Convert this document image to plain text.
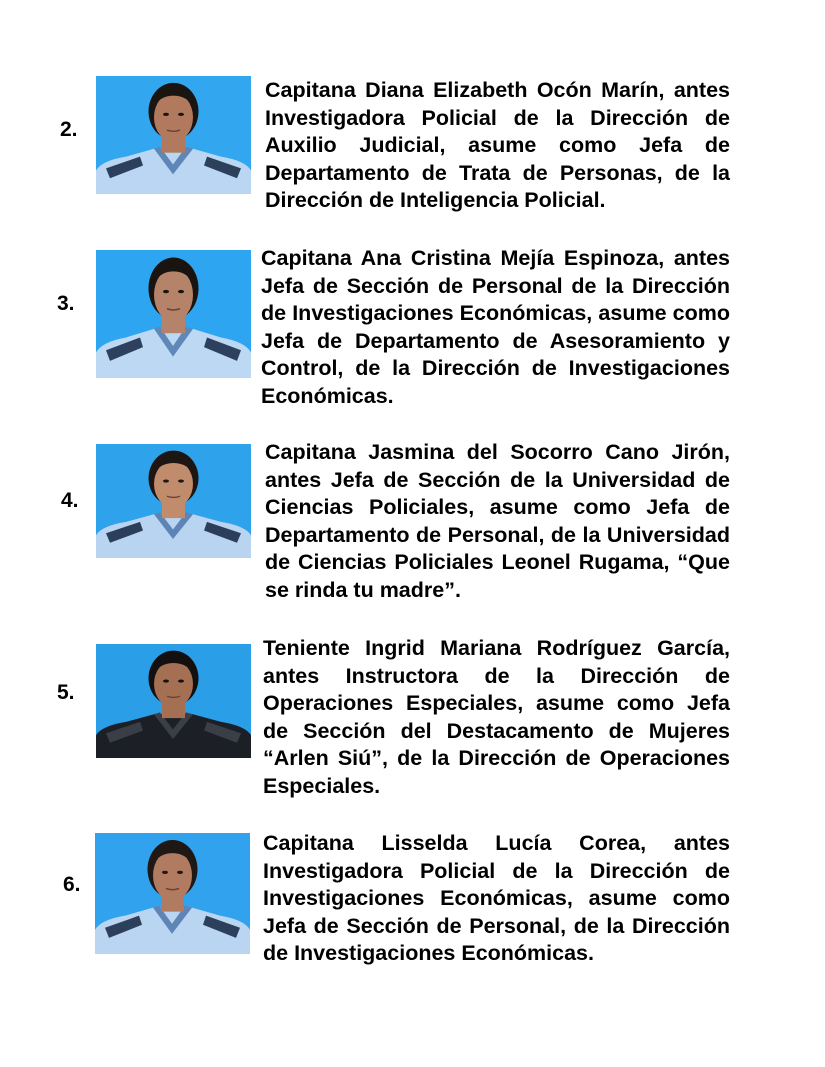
2.

Capitana Diana Elizabeth Ocón Marín, antes Investigadora Policial de la Dirección de Auxilio Judicial, asume como Jefa de Departamento de Trata de Personas, de la Dirección de Inteligencia Policial.

3.

Capitana Ana Cristina Mejía Espinoza, antes Jefa de Sección de Personal de la Dirección de Investigaciones Económicas, asume como Jefa de Departamento de Asesoramiento y Control, de la Dirección de Investigaciones Económicas.

4.

Capitana Jasmina del Socorro Cano Jirón, antes Jefa de Sección de la Universidad de Ciencias Policiales, asume como Jefa de Departamento de Personal, de la Universidad de Ciencias Policiales Leonel Rugama, “Que se rinda tu madre”.

5.

Teniente Ingrid Mariana Rodríguez García, antes Instructora de la Dirección de Operaciones Especiales, asume como Jefa de Sección del Destacamento de Mujeres “Arlen Siú”, de la Dirección de Operaciones Especiales.

6.

Capitana Lisselda Lucía Corea, antes Investigadora Policial de la Dirección de Investigaciones Económicas, asume como Jefa de Sección de Personal, de la Dirección de Investigaciones Económicas.
